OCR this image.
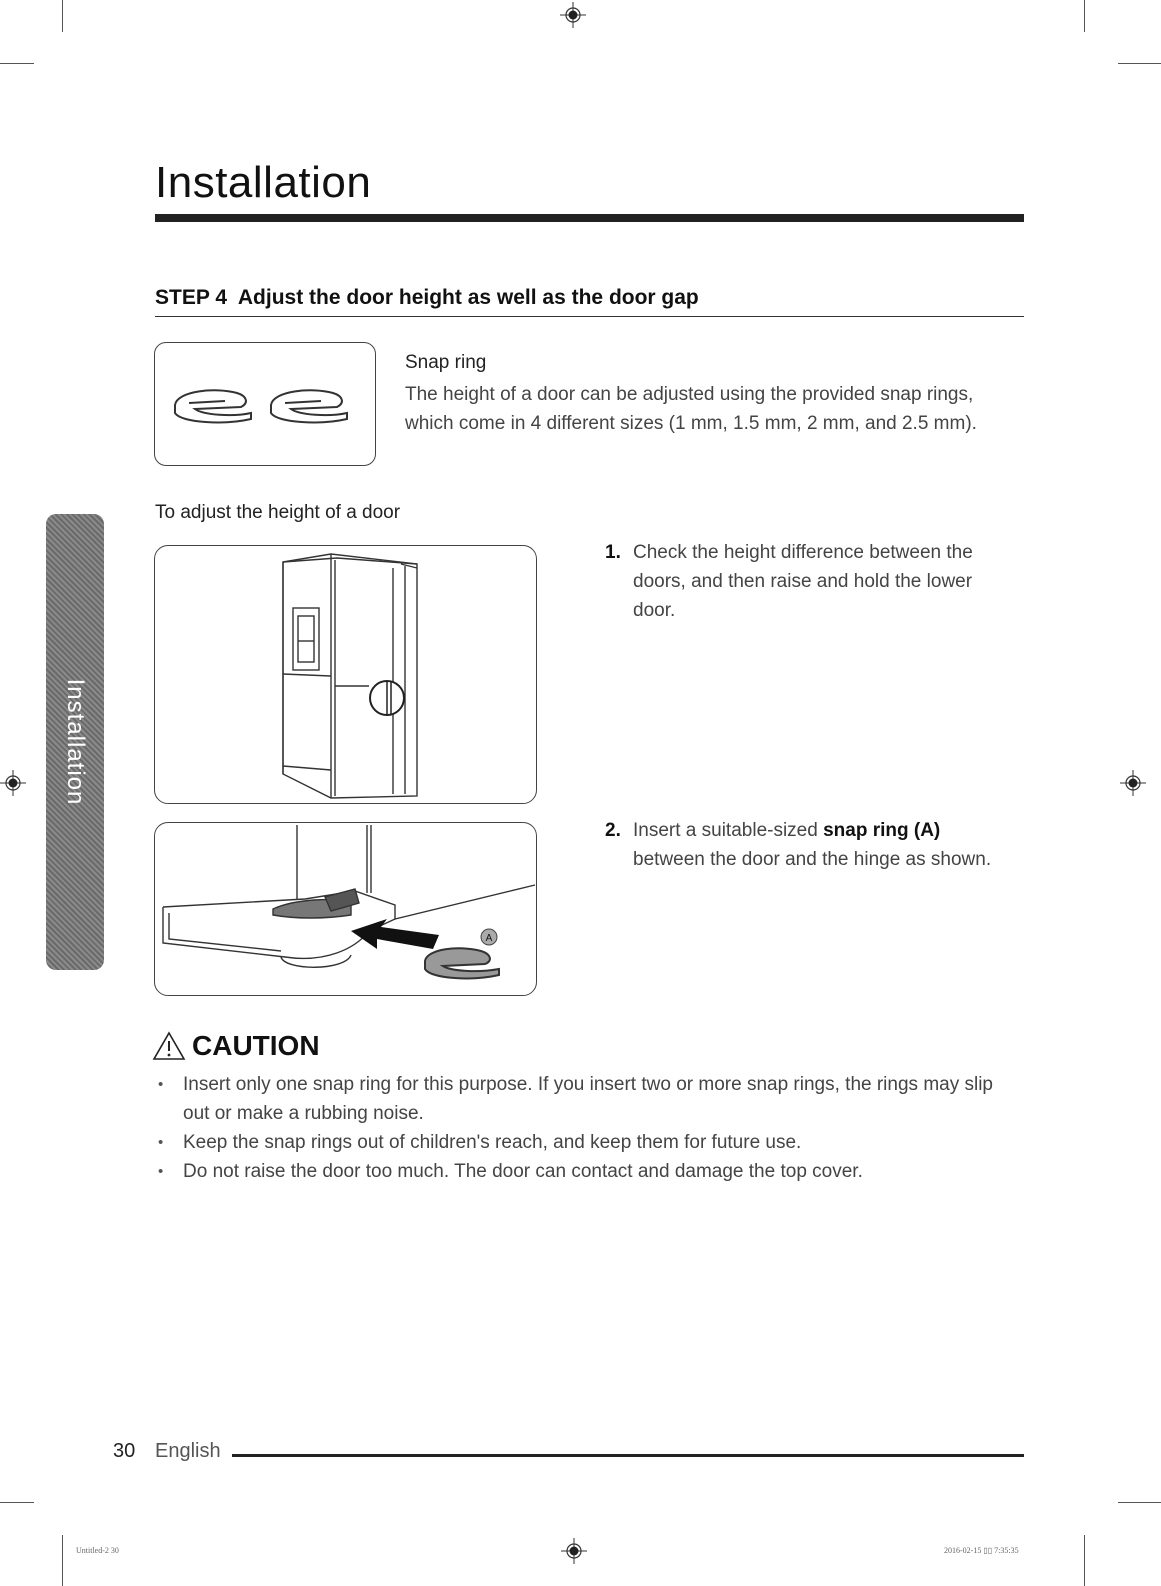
Installation
STEP 4 Adjust the door height as well as the door gap
Snap ring
The height of a door can be adjusted using the provided snap rings, which come in 4 different sizes (1 mm, 1.5 mm, 2 mm, and 2.5 mm).
To adjust the height of a door
A
1. Check the height difference between the doors, and then raise and hold the lower door.
2. Insert a suitable-sized snap ring (A) between the door and the hinge as shown.
Installation
CAUTION
• Insert only one snap ring for this purpose. If you insert two or more snap rings, the rings may slip out or make a rubbing noise.
• Keep the snap rings out of children's reach, and keep them for future use.
• Do not raise the door too much. The door can contact and damage the top cover.
30 English
Untitled-2 30	2016-02-15 ▯▯ 7:35:35
